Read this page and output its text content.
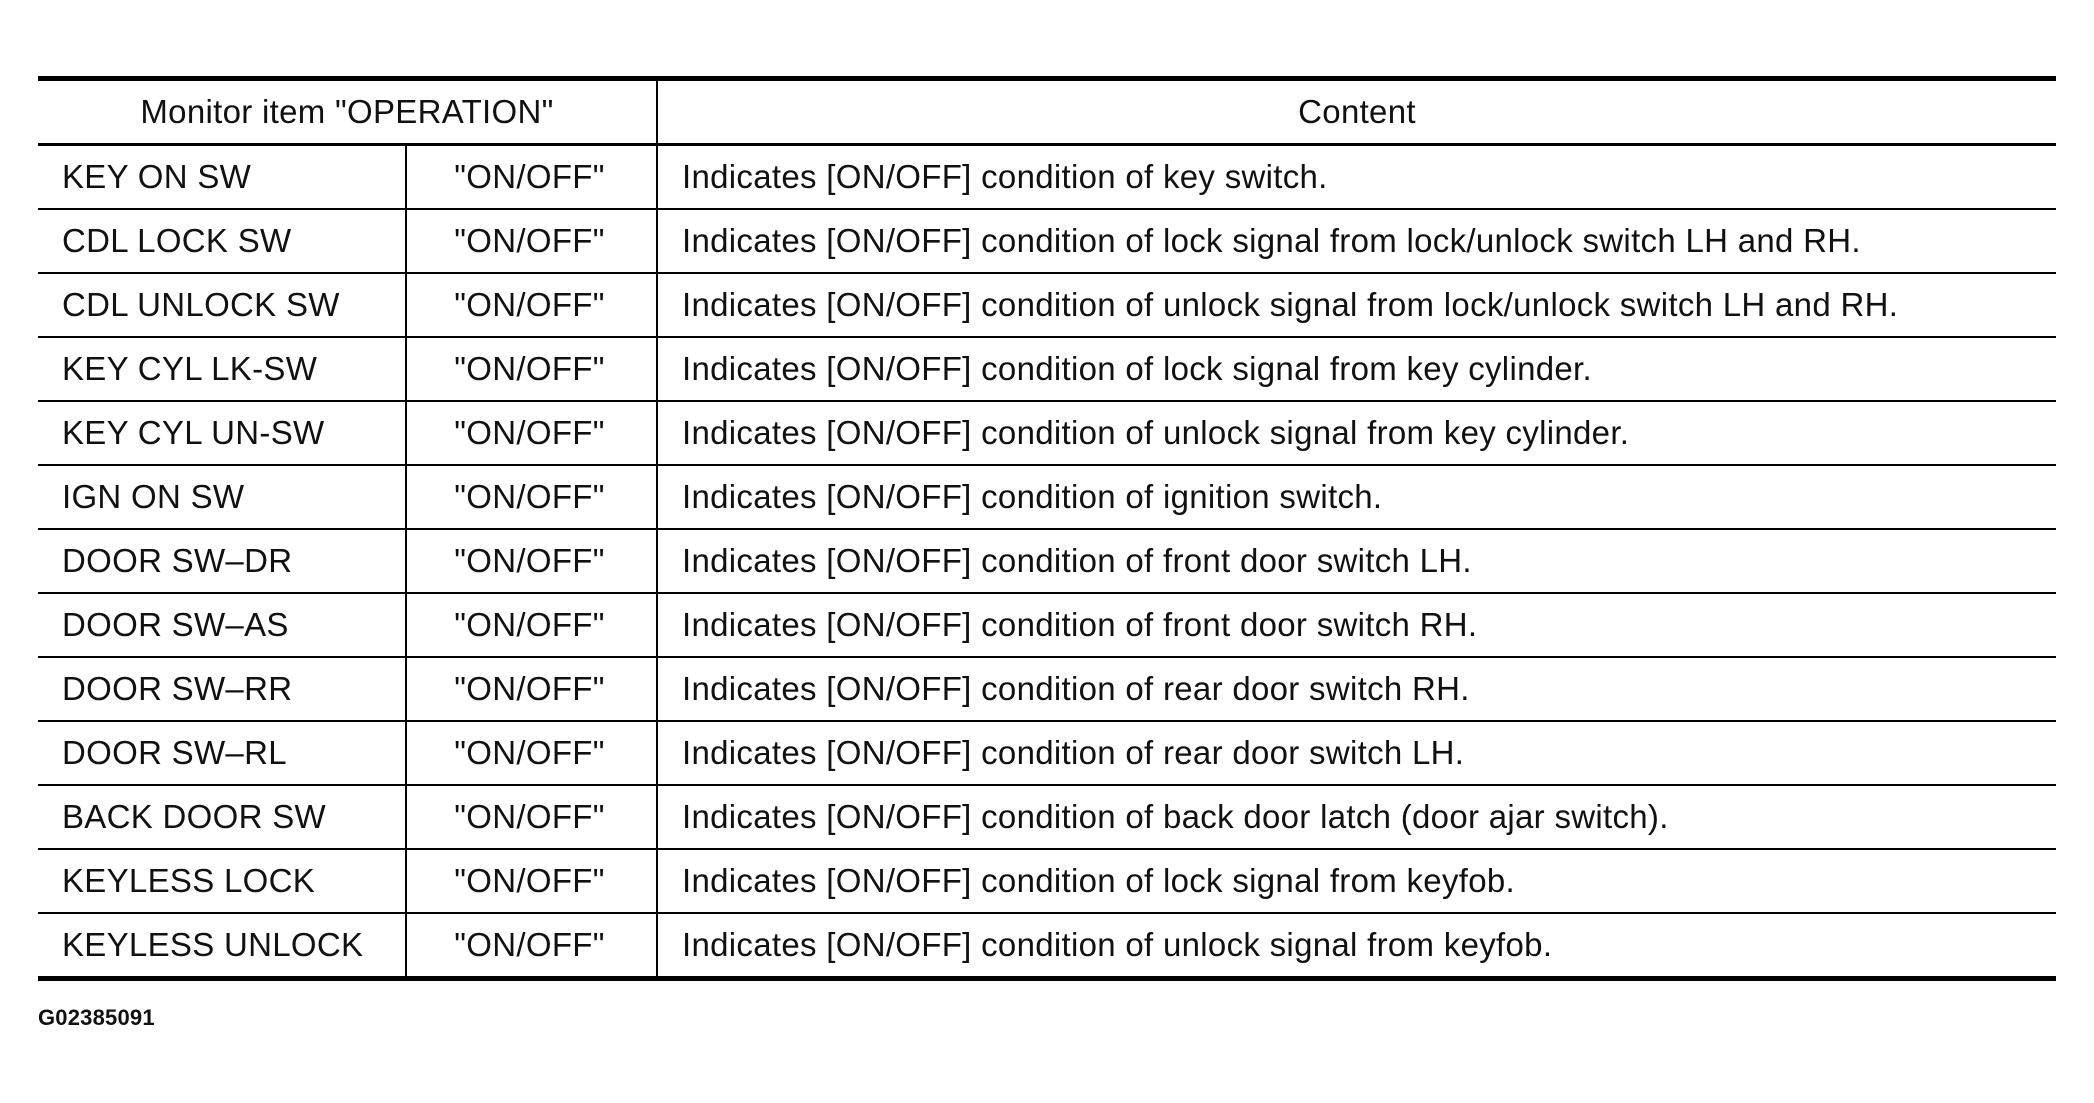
Monitor item "OPERATION"		Content
KEY ON SW	"ON/OFF"	Indicates [ON/OFF] condition of key switch.
CDL LOCK SW	"ON/OFF"	Indicates [ON/OFF] condition of lock signal from lock/unlock switch LH and RH.
CDL UNLOCK SW	"ON/OFF"	Indicates [ON/OFF] condition of unlock signal from lock/unlock switch LH and RH.
KEY CYL LK-SW	"ON/OFF"	Indicates [ON/OFF] condition of lock signal from key cylinder.
KEY CYL UN-SW	"ON/OFF"	Indicates [ON/OFF] condition of unlock signal from key cylinder.
IGN ON SW	"ON/OFF"	Indicates [ON/OFF] condition of ignition switch.
DOOR SW–DR	"ON/OFF"	Indicates [ON/OFF] condition of front door switch LH.
DOOR SW–AS	"ON/OFF"	Indicates [ON/OFF] condition of front door switch RH.
DOOR SW–RR	"ON/OFF"	Indicates [ON/OFF] condition of rear door switch RH.
DOOR SW–RL	"ON/OFF"	Indicates [ON/OFF] condition of rear door switch LH.
BACK DOOR SW	"ON/OFF"	Indicates [ON/OFF] condition of back door latch (door ajar switch).
KEYLESS LOCK	"ON/OFF"	Indicates [ON/OFF] condition of lock signal from keyfob.
KEYLESS UNLOCK	"ON/OFF"	Indicates [ON/OFF] condition of unlock signal from keyfob.
G02385091
